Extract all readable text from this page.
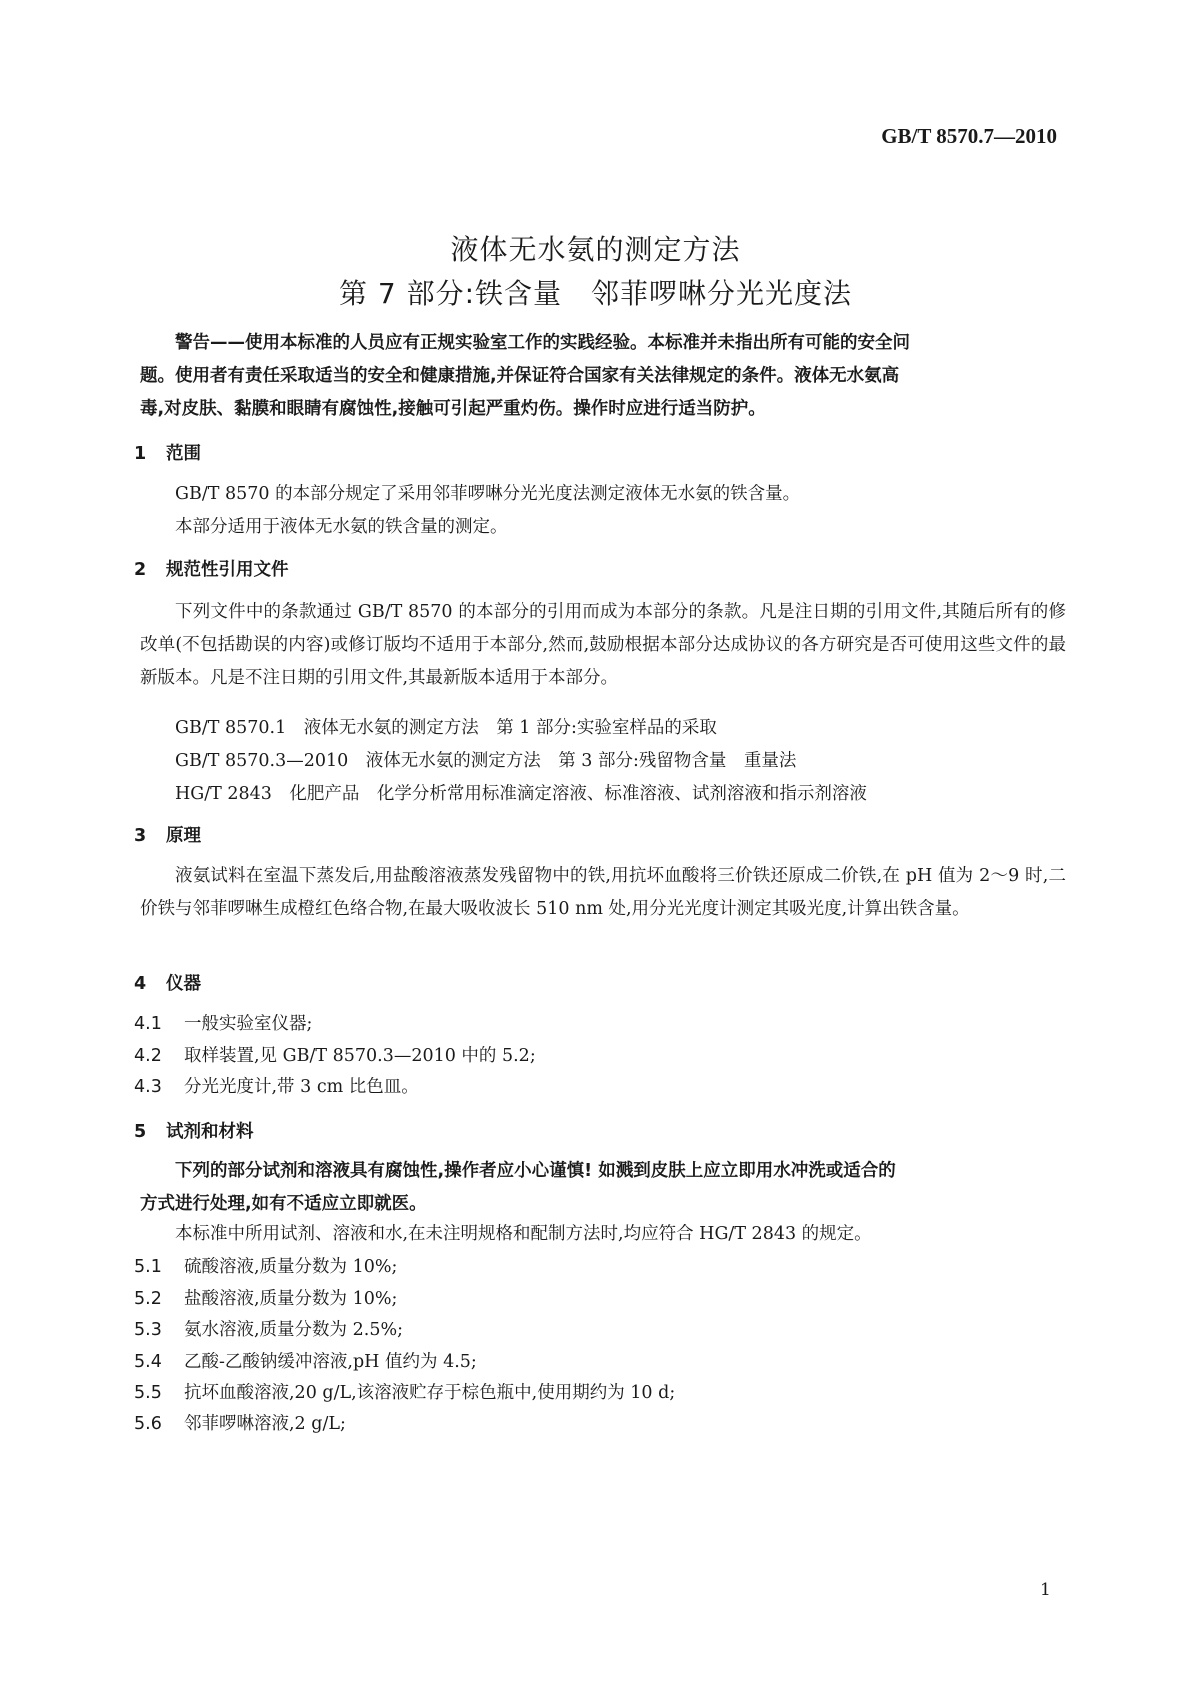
GB/T 8570.7—2010
液体无水氨的测定方法
第 7 部分:铁含量　邻菲啰啉分光光度法
警告——使用本标准的人员应有正规实验室工作的实践经验。本标准并未指出所有可能的安全问
题。使用者有责任采取适当的安全和健康措施,并保证符合国家有关法律规定的条件。液体无水氨高
毒,对皮肤、黏膜和眼睛有腐蚀性,接触可引起严重灼伤。操作时应进行适当防护。
1 范围
GB/T 8570 的本部分规定了采用邻菲啰啉分光光度法测定液体无水氨的铁含量。
本部分适用于液体无水氨的铁含量的测定。
2 规范性引用文件
下列文件中的条款通过 GB/T 8570 的本部分的引用而成为本部分的条款。凡是注日期的引用文件,其随后所有的修改单(不包括勘误的内容)或修订版均不适用于本部分,然而,鼓励根据本部分达成协议的各方研究是否可使用这些文件的最新版本。凡是不注日期的引用文件,其最新版本适用于本部分。
GB/T 8570.1　液体无水氨的测定方法　第 1 部分:实验室样品的采取
GB/T 8570.3—2010　液体无水氨的测定方法　第 3 部分:残留物含量　重量法
HG/T 2843　化肥产品　化学分析常用标准滴定溶液、标准溶液、试剂溶液和指示剂溶液
3 原理
液氨试料在室温下蒸发后,用盐酸溶液蒸发残留物中的铁,用抗坏血酸将三价铁还原成二价铁,在 pH 值为 2～9 时,二价铁与邻菲啰啉生成橙红色络合物,在最大吸收波长 510 nm 处,用分光光度计测定其吸光度,计算出铁含量。
4 仪器
4.1 一般实验室仪器;
4.2 取样装置,见 GB/T 8570.3—2010 中的 5.2;
4.3 分光光度计,带 3 cm 比色皿。
5 试剂和材料
下列的部分试剂和溶液具有腐蚀性,操作者应小心谨慎! 如溅到皮肤上应立即用水冲洗或适合的
方式进行处理,如有不适应立即就医。
本标准中所用试剂、溶液和水,在未注明规格和配制方法时,均应符合 HG/T 2843 的规定。
5.1 硫酸溶液,质量分数为 10%;
5.2 盐酸溶液,质量分数为 10%;
5.3 氨水溶液,质量分数为 2.5%;
5.4 乙酸-乙酸钠缓冲溶液,pH 值约为 4.5;
5.5 抗坏血酸溶液,20 g/L,该溶液贮存于棕色瓶中,使用期约为 10 d;
5.6 邻菲啰啉溶液,2 g/L;
1
